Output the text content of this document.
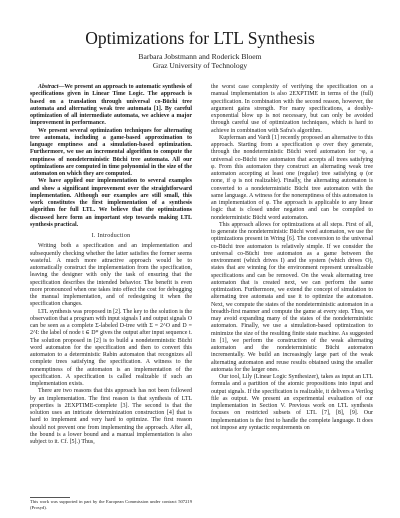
Optimizations for LTL Synthesis
Barbara Jobstmann and Roderick Bloem
Graz University of Technology

Abstract—We present an approach to automatic synthesis of specifications given in Linear Time Logic. The approach is based on a translation through universal co-Büchi tree automata and alternating weak tree automata [1]. By careful optimization of all intermediate automata, we achieve a major improvement in performance.

We present several optimization techniques for alternating tree automata, including a game-based approximation to language emptiness and a simulation-based optimization. Furthermore, we use an incremental algorithm to compute the emptiness of nondeterministic Büchi tree automata. All our optimizations are computed in time polynomial in the size of the automaton on which they are computed.

We have applied our implementation to several examples and show a significant improvement over the straightforward implementation. Although our examples are still small, this work constitutes the first implementation of a synthesis algorithm for full LTL. We believe that the optimizations discussed here form an important step towards making LTL synthesis practical.

I. Introduction

Writing both a specification and an implementation and subsequently checking whether the latter satisfies the former seems wasteful. A much more attractive approach would be to automatically construct the implementation from the specification, leaving the designer with only the task of ensuring that the specification describes the intended behavior. The benefit is even more pronounced when one takes into effect the cost for debugging the manual implementation, and of redesigning it when the specification changes.

LTL synthesis was proposed in [2]. The key to the solution is the observation that a program with input signals I and output signals O can be seen as a complete Σ-labeled D-tree with Σ = 2^O and D = 2^I: the label of node t ∈ D* gives the output after input sequence t. The solution proposed in [2] is to build a nondeterministic Büchi word automaton for the specification and then to convert this automaton to a deterministic Rabin automaton that recognizes all complete trees satisfying the specification. A witness to the nonemptiness of the automaton is an implementation of the specification. A specification is called realizable if such an implementation exists.

There are two reasons that this approach has not been followed by an implementation. The first reason is that synthesis of LTL properties is 2EXPTIME-complete [3]. The second is that the solution uses an intricate determinization construction [4] that is hard to implement and very hard to optimize. The first reason should not prevent one from implementing the approach. After all, the bound is a lower bound and a manual implementation is also subject to it. Cf. [5].) Thus,

the worst case complexity of verifying the specification on a manual implementation is also 2EXPTIME in terms of the (full) specification. In combination with the second reason, however, the argument gains strength. For many specifications, a doubly-exponential blow up is not necessary, but can only be avoided through careful use of optimization techniques, which is hard to achieve in combination with Safra's algorithm.

Kupferman and Vardi [1] recently proposed an alternative to this approach. Starting from a specification φ over they generate, through the nondeterministic Büchi word automaton for ¬φ, a universal co-Büchi tree automaton that accepts all trees satisfying φ. From this automaton they construct an alternating weak tree automaton accepting at least one (regular) tree satisfying φ (or none, if φ is not realizable). Finally, the alternating automaton is converted to a nondeterministic Büchi tree automaton with the same language. A witness for the nonemptiness of this automaton is an implementation of φ. The approach is applicable to any linear logic that is closed under negation and can be compiled to nondeterministic Büchi word automaton.

This approach allows for optimizations at all steps. First of all, to generate the nondeterministic Büchi word automaton, we use the optimizations present in Wring [6]. The conversion to the universal co-Büchi tree automaton is relatively simple. If we consider the universal co-Büchi tree automaton as a game between the environment (which drives I) and the system (which drives O), states that are winning for the environment represent unrealizable specifications and can be removed. On the weak alternating tree automaton that is created next, we can perform the same optimization. Furthermore, we extend the concept of simulation to alternating tree automata and use it to optimize the automaton. Next, we compute the states of the nondeterministic automaton in a breadth-first manner and compute the game at every step. Thus, we may avoid expanding many of the states of the nondeterministic automaton. Finally, we use a simulation-based optimization to minimize the size of the resulting finite state machine. As suggested in [1], we perform the construction of the weak alternating automaton and the nondeterministic Büchi automaton incrementally. We build an increasingly large part of the weak alternating automaton and reuse results obtained using the smaller automata for the larger ones.

Our tool, Lily (Linear Logic Synthesizer), takes as input an LTL formula and a partition of the atomic propositions into input and output signals. If the specification is realizable, it delivers a Verilog file as output. We present an experimental evaluation of our implementation in Section V. Previous work on LTL synthesis focuses on restricted subsets of LTL [7], [8], [9]. Our implementation is the first to handle the complete language. It does not impose any syntactic requirements on

This work was supported in part by the European Commission under contract 507219 (Prosyd).
